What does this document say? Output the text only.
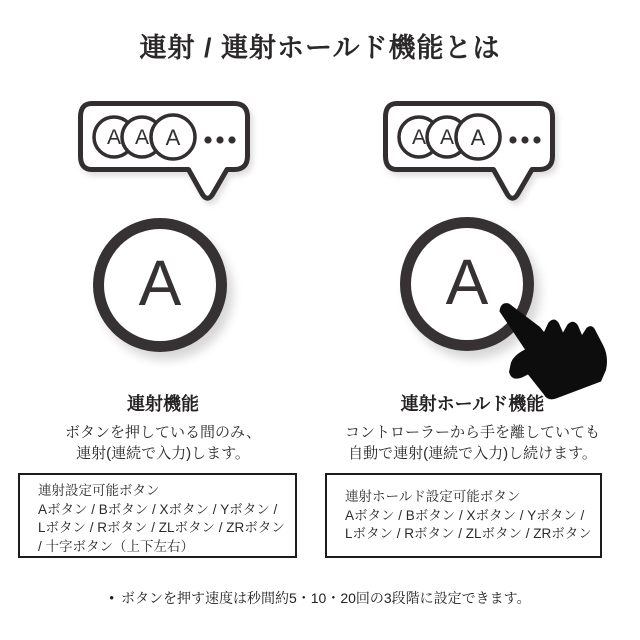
連射 / 連射ホールド機能とは
A A A
A
連射機能

ボタンを押している間のみ、

連射(連続で入力)します。

連射設定可能ボタン
Aボタン / Bボタン / Xボタン / Yボタン /
Lボタン / Rボタン / ZLボタン / ZRボタン
/ 十字ボタン（上下左右）
A A A
A
連射ホールド機能

コントローラーから手を離していても

自動で連射(連続で入力)し続けます。

連射ホールド設定可能ボタン
Aボタン / Bボタン / Xボタン / Yボタン /
Lボタン / Rボタン / ZLボタン / ZRボタン
• ボタンを押す速度は秒間約5・10・20回の3段階に設定できます。
